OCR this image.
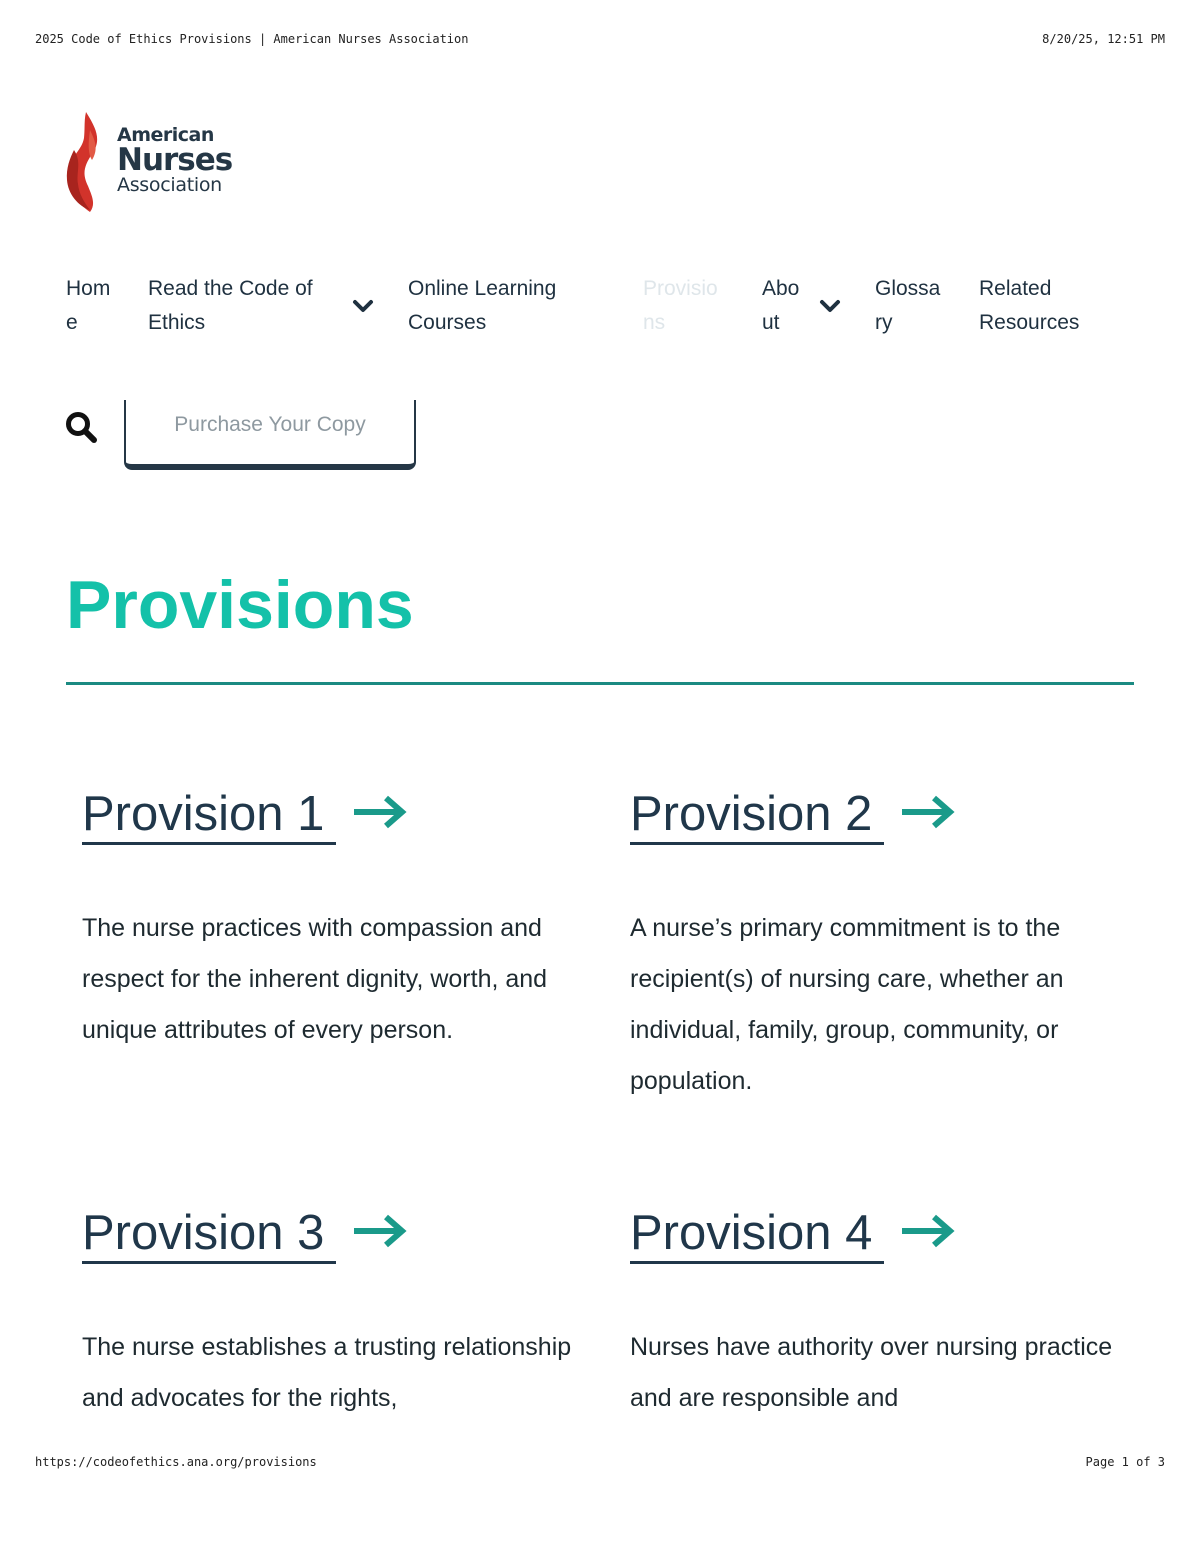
2025 Code of Ethics Provisions | American Nurses Association	8/20/25, 12:51 PM
American
Nurses
Association
Home
Read the Code of Ethics
Online Learning Courses
Provisions
About
Glossary
Related Resources
Purchase Your Copy
Provisions
Provision 1

The nurse practices with compassion and respect for the inherent dignity, worth, and unique attributes of every person.

Provision 2

A nurse’s primary commitment is to the recipient(s) of nursing care, whether an individual, family, group, community, or population.

Provision 3

The nurse establishes a trusting relationship and advocates for the rights,

Provision 4

Nurses have authority over nursing practice and are responsible and

https://codeofethics.ana.org/provisions	Page 1 of 3
